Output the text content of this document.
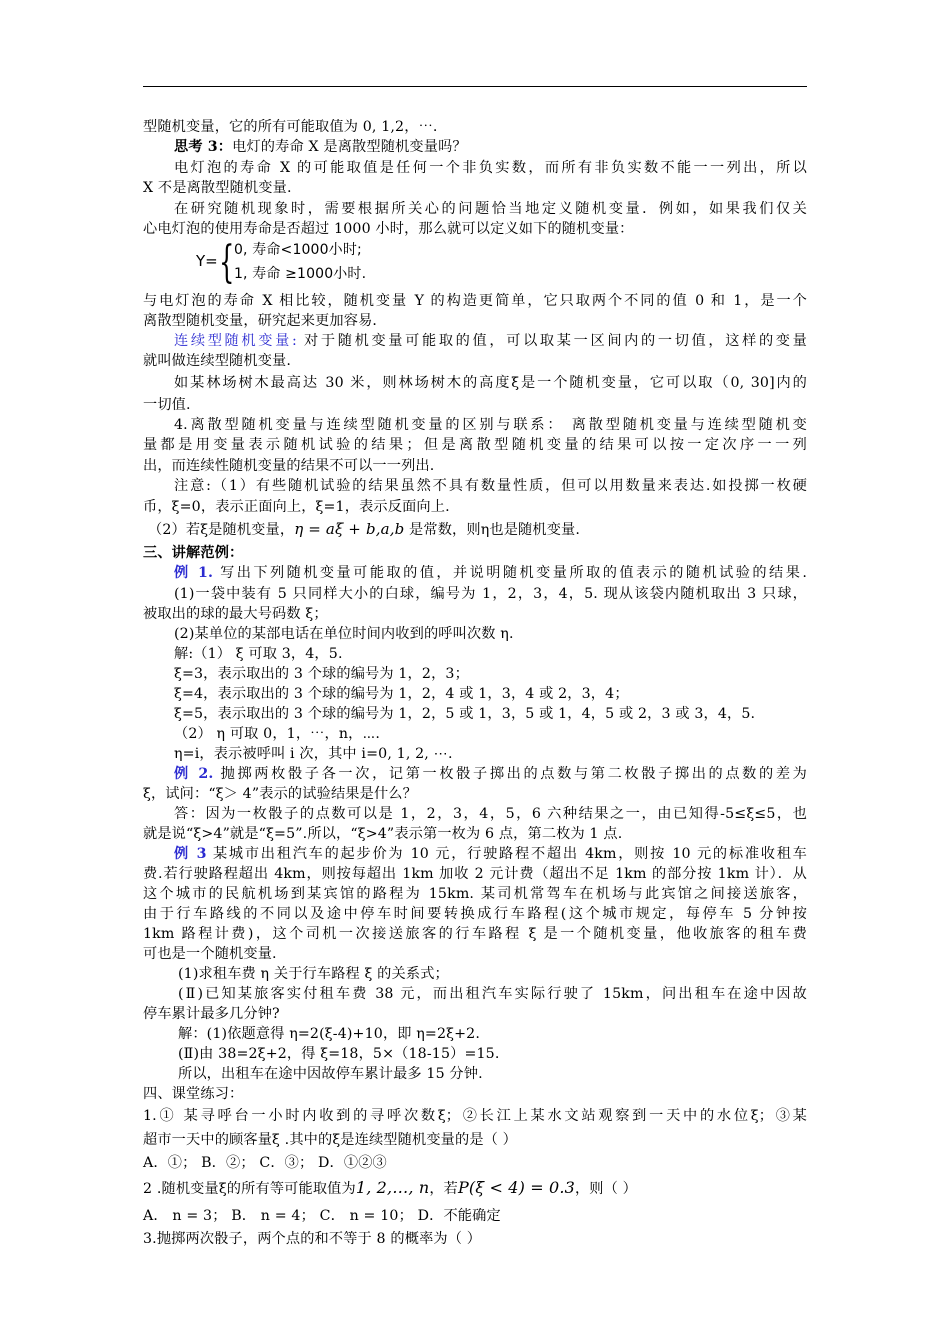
型随机变量，它的所有可能取值为 0, 1,2，⋯.
思考 3：电灯的寿命 X 是离散型随机变量吗？
电灯泡的寿命 X 的可能取值是任何一个非负实数，而所有非负实数不能一一列出，所以
X 不是离散型随机变量.
在研究随机现象时，需要根据所关心的问题恰当地定义随机变量．例如，如果我们仅关
心电灯泡的使用寿命是否超过 1000 小时，那么就可以定义如下的随机变量：
Y= { 0, 寿命<1000小时;
1, 寿命 ≥1000小时.
与电灯泡的寿命 X 相比较，随机变量 Y 的构造更简单，它只取两个不同的值 0 和 1，是一个
离散型随机变量，研究起来更加容易．
连续型随机变量: 对于随机变量可能取的值，可以取某一区间内的一切值，这样的变量
就叫做连续型随机变量.
如某林场树木最高达 30 米，则林场树木的高度ξ是一个随机变量，它可以取（0, 30]内的
一切值.
4.离散型随机变量与连续型随机变量的区别与联系： 离散型随机变量与连续型随机变
量都是用变量表示随机试验的结果；但是离散型随机变量的结果可以按一定次序一一列
出，而连续性随机变量的结果不可以一一列出.
注意:（1）有些随机试验的结果虽然不具有数量性质，但可以用数量来表达.如投掷一枚硬
币，ξ=0，表示正面向上，ξ=1，表示反面向上.
（2）若ξ是随机变量，η = aξ + b,a,b 是常数，则η也是随机变量.
三、讲解范例：
例 1. 写出下列随机变量可能取的值，并说明随机变量所取的值表示的随机试验的结果.
(1)一袋中装有 5 只同样大小的白球，编号为 1，2，3，4，5. 现从该袋内随机取出 3 只球，
被取出的球的最大号码数 ξ；
(2)某单位的某部电话在单位时间内收到的呼叫次数 η.
解:（1） ξ 可取 3，4，5.
ξ=3，表示取出的 3 个球的编号为 1，2，3；
ξ=4，表示取出的 3 个球的编号为 1，2，4 或 1，3，4 或 2，3，4；
ξ=5，表示取出的 3 个球的编号为 1，2，5 或 1，3，5 或 1，4，5 或 2，3 或 3，4，5.
（2） η 可取 0，1，⋯，n，⋯.
η=i，表示被呼叫 i 次，其中 i=0, 1, 2, ⋯.
例 2. 抛掷两枚骰子各一次，记第一枚骰子掷出的点数与第二枚骰子掷出的点数的差为
ξ，试问：“ξ＞ 4”表示的试验结果是什么？
答：因为一枚骰子的点数可以是 1，2，3，4，5，6 六种结果之一，由已知得-5≤ξ≤5，也
就是说“ξ>4”就是“ξ=5”.所以，“ξ>4”表示第一枚为 6 点，第二枚为 1 点.
例 3 某城市出租汽车的起步价为 10 元，行驶路程不超出 4km，则按 10 元的标准收租车
费.若行驶路程超出 4km，则按每超出 1km 加收 2 元计费（超出不足 1km 的部分按 1km 计）．从
这个城市的民航机场到某宾馆的路程为 15km. 某司机常驾车在机场与此宾馆之间接送旅客，
由于行车路线的不同以及途中停车时间要转换成行车路程(这个城市规定，每停车 5 分钟按
1km 路程计费)，这个司机一次接送旅客的行车路程 ξ 是一个随机变量，他收旅客的租车费
可也是一个随机变量.
(1)求租车费 η 关于行车路程 ξ 的关系式；
(Ⅱ)已知某旅客实付租车费 38 元，而出租汽车实际行驶了 15km，问出租车在途中因故
停车累计最多几分钟?
解：(1)依题意得 η=2(ξ-4)+10，即 η=2ξ+2.
(Ⅱ)由 38=2ξ+2，得 ξ=18，5×（18-15）=15.
所以，出租车在途中因故停车累计最多 15 分钟.
四、课堂练习：
1.① 某寻呼台一小时内收到的寻呼次数ξ；②长江上某水文站观察到一天中的水位ξ；③某
超市一天中的顾客量ξ .其中的ξ是连续型随机变量的是（ ）
A．①； B．②； C．③； D．①②③
2 .随机变量ξ的所有等可能取值为1, 2,…, n，若P(ξ < 4) = 0.3，则（ ）
A． n = 3； B． n = 4； C． n = 10； D．不能确定
3.抛掷两次骰子，两个点的和不等于 8 的概率为（ ）
